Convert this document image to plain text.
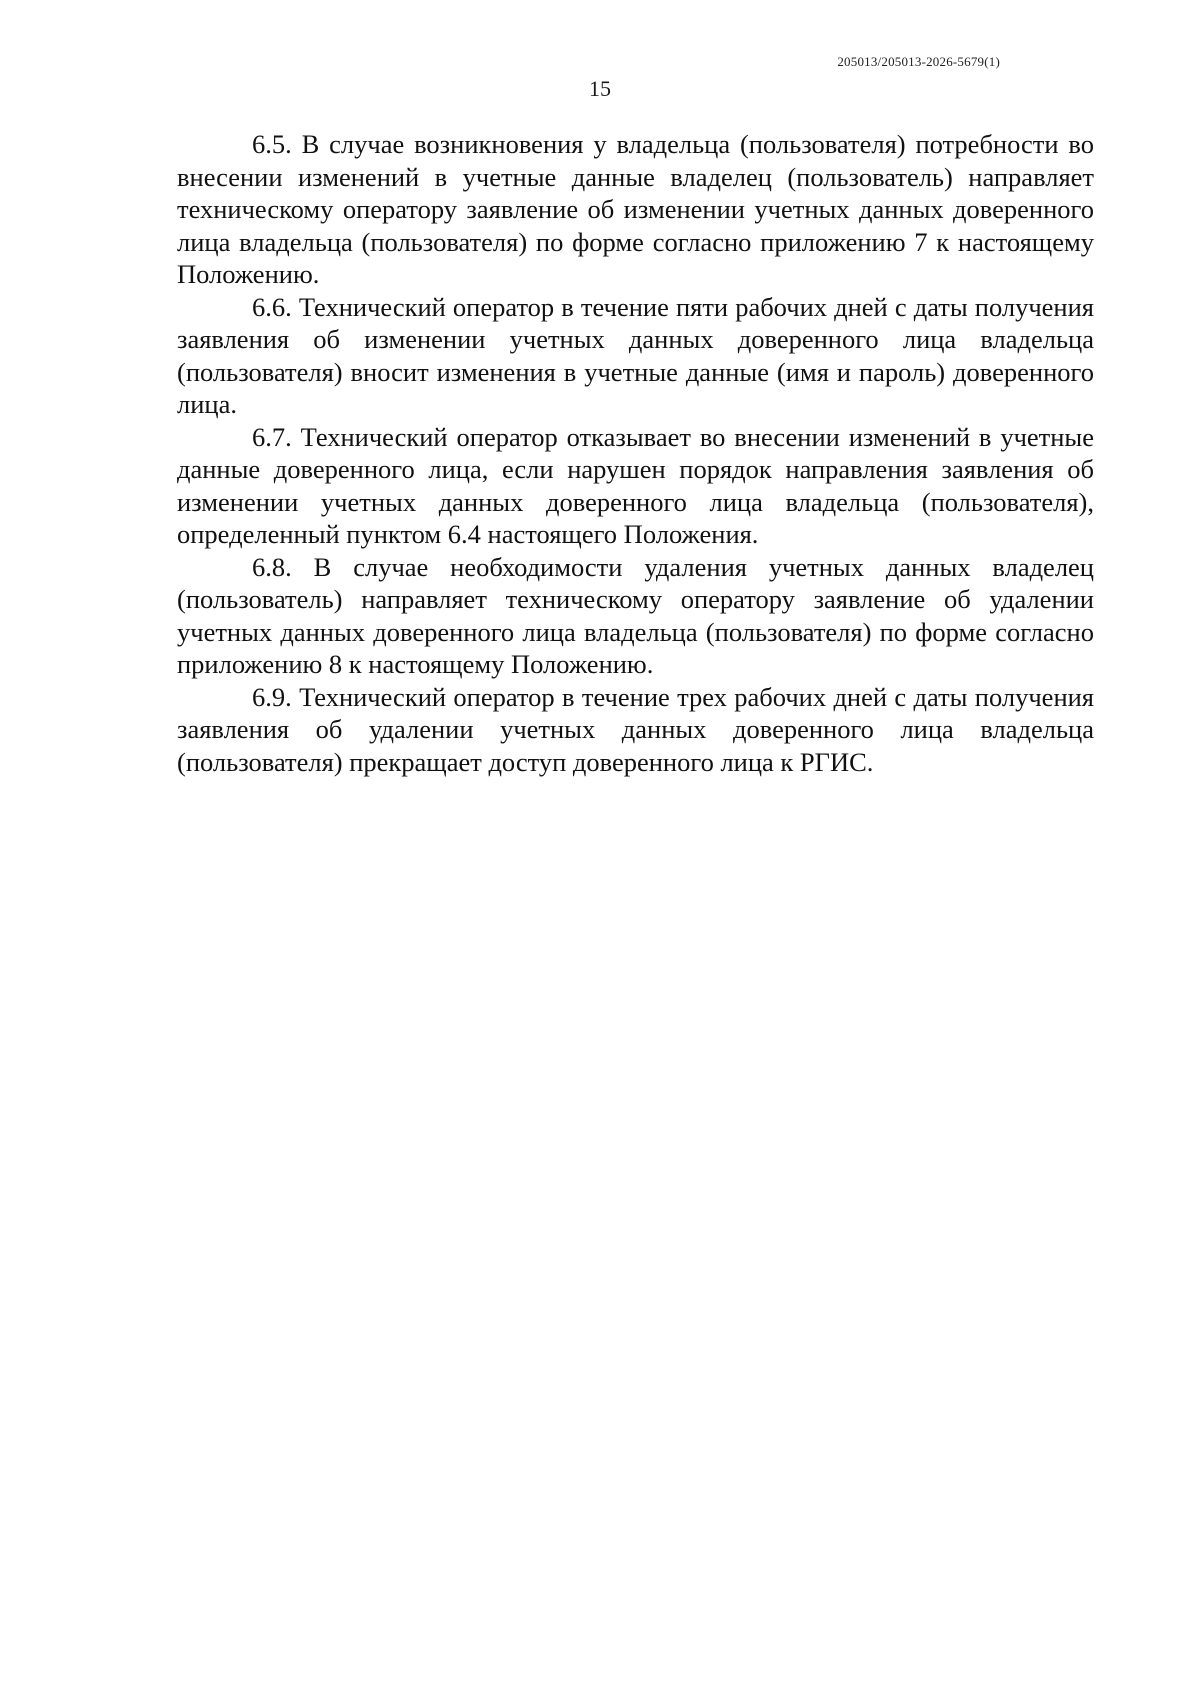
205013/205013-2026-5679(1)
15

6.5. В случае возникновения у владельца (пользователя) потребности во внесении изменений в учетные данные владелец (пользователь) направляет техническому оператору заявление об изменении учетных данных доверенного лица владельца (пользователя) по форме согласно приложению 7 к настоящему Положению.

6.6. Технический оператор в течение пяти рабочих дней с даты получения заявления об изменении учетных данных доверенного лица владельца (пользователя) вносит изменения в учетные данные (имя и пароль) доверенного лица.

6.7. Технический оператор отказывает во внесении изменений в учетные данные доверенного лица, если нарушен порядок направления заявления об изменении учетных данных доверенного лица владельца (пользователя), определенный пунктом 6.4 настоящего Положения.

6.8. В случае необходимости удаления учетных данных владелец (пользователь) направляет техническому оператору заявление об удалении учетных данных доверенного лица владельца (пользователя) по форме согласно приложению 8 к настоящему Положению.

6.9. Технический оператор в течение трех рабочих дней с даты получения заявления об удалении учетных данных доверенного лица владельца (пользователя) прекращает доступ доверенного лица к РГИС.
